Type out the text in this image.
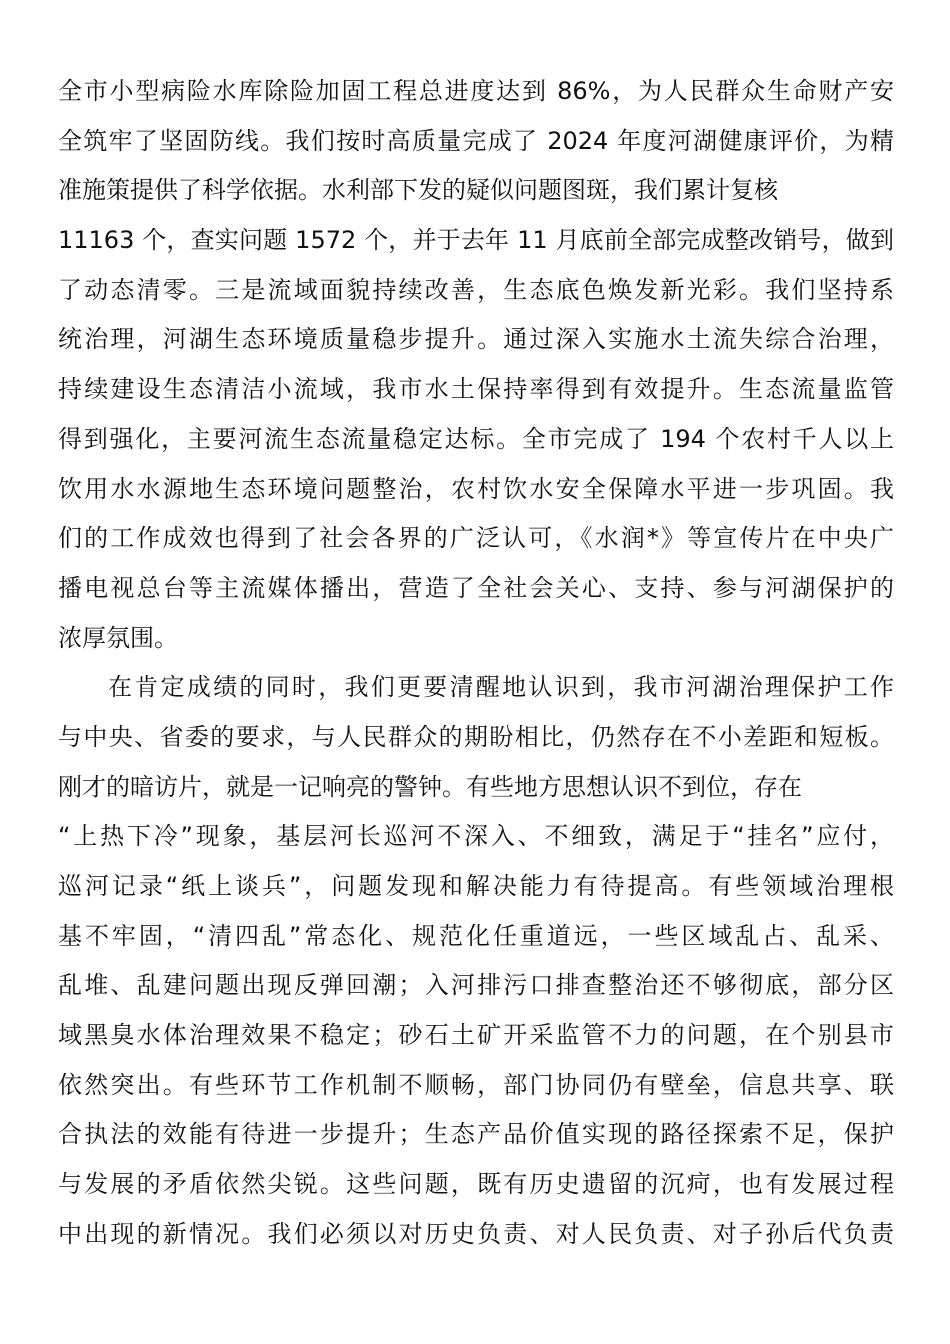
全市小型病险水库除险加固工程总进度达到 86%，为人民群众生命财产安
全筑牢了坚固防线。我们按时高质量完成了 2024 年度河湖健康评价，为精
准施策提供了科学依据。水利部下发的疑似问题图斑，我们累计复核
11163 个，查实问题 1572 个，并于去年 11 月底前全部完成整改销号，做到
了动态清零。三是流域面貌持续改善，生态底色焕发新光彩。我们坚持系
统治理，河湖生态环境质量稳步提升。通过深入实施水土流失综合治理，
持续建设生态清洁小流域，我市水土保持率得到有效提升。生态流量监管
得到强化，主要河流生态流量稳定达标。全市完成了 194 个农村千人以上
饮用水水源地生态环境问题整治，农村饮水安全保障水平进一步巩固。我
们的工作成效也得到了社会各界的广泛认可，《水润*》等宣传片在中央广
播电视总台等主流媒体播出，营造了全社会关心、支持、参与河湖保护的
浓厚氛围。
在肯定成绩的同时，我们更要清醒地认识到，我市河湖治理保护工作
与中央、省委的要求，与人民群众的期盼相比，仍然存在不小差距和短板。
刚才的暗访片，就是一记响亮的警钟。有些地方思想认识不到位，存在
“上热下冷”现象，基层河长巡河不深入、不细致，满足于“挂名”应付，
巡河记录“纸上谈兵”，问题发现和解决能力有待提高。有些领域治理根
基不牢固，“清四乱”常态化、规范化任重道远，一些区域乱占、乱采、
乱堆、乱建问题出现反弹回潮；入河排污口排查整治还不够彻底，部分区
域黑臭水体治理效果不稳定；砂石土矿开采监管不力的问题，在个别县市
依然突出。有些环节工作机制不顺畅，部门协同仍有壁垒，信息共享、联
合执法的效能有待进一步提升；生态产品价值实现的路径探索不足，保护
与发展的矛盾依然尖锐。这些问题，既有历史遗留的沉疴，也有发展过程
中出现的新情况。我们必须以对历史负责、对人民负责、对子孙后代负责
